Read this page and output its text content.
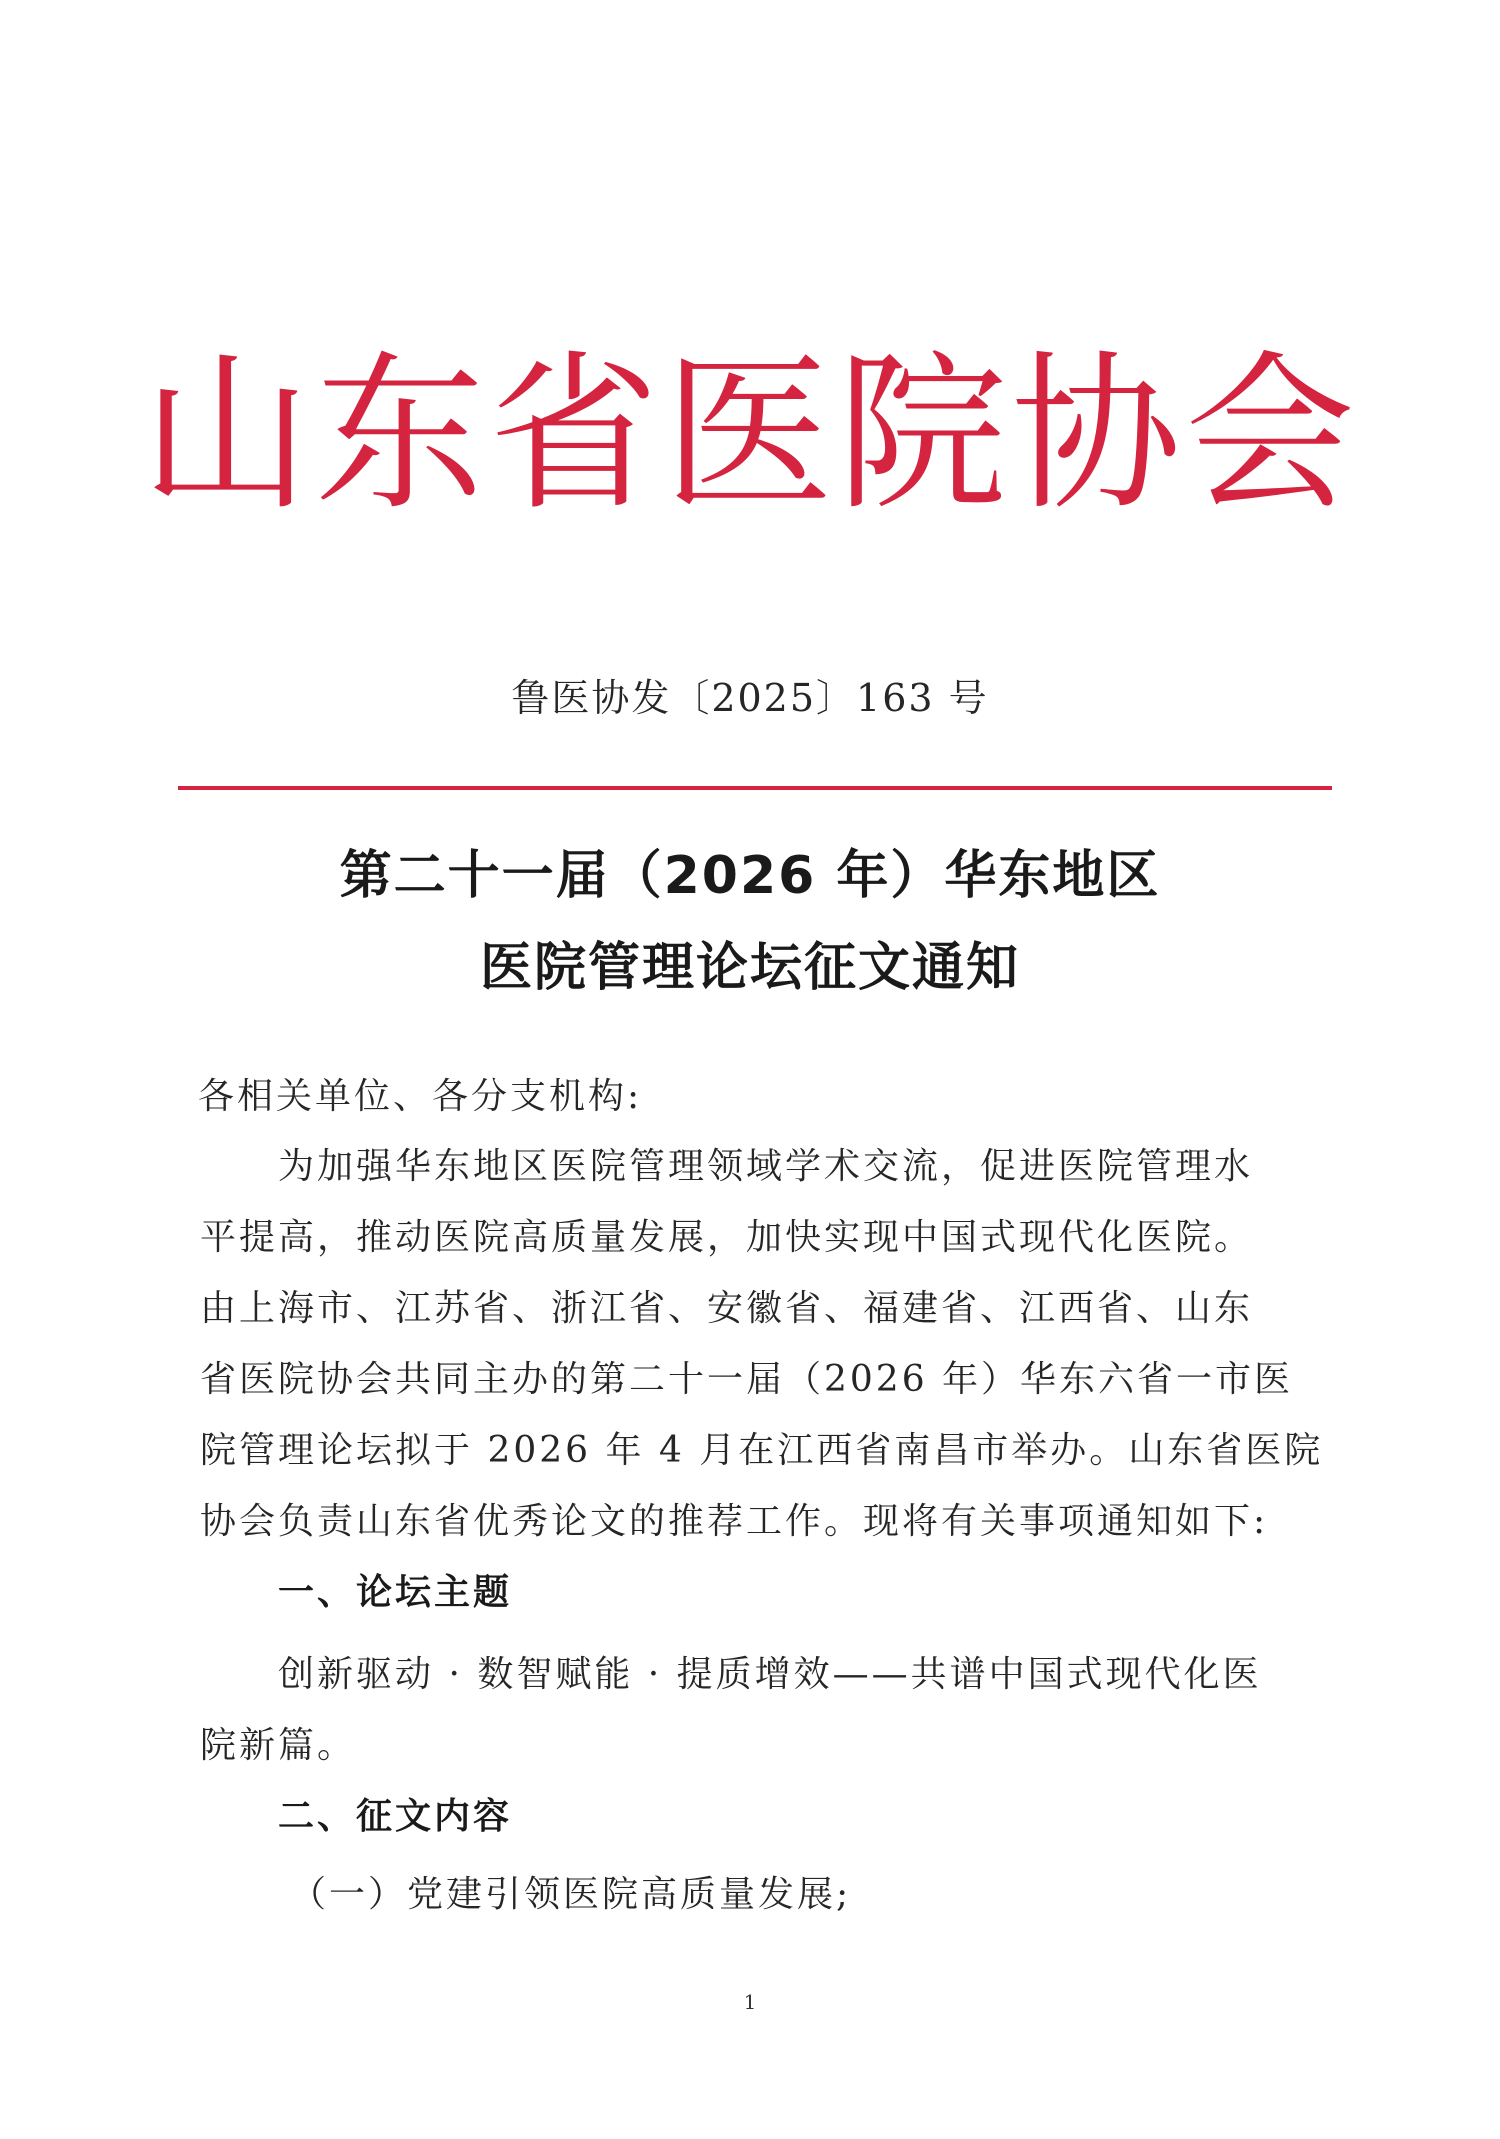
山东省医院协会
鲁医协发〔2025〕163 号
第二十一届（2026 年）华东地区
医院管理论坛征文通知
各相关单位、各分支机构:
为加强华东地区医院管理领域学术交流，促进医院管理水
平提高，推动医院高质量发展，加快实现中国式现代化医院。
由上海市、江苏省、浙江省、安徽省、福建省、江西省、山东
省医院协会共同主办的第二十一届（2026 年）华东六省一市医
院管理论坛拟于 2026 年 4 月在江西省南昌市举办。山东省医院
协会负责山东省优秀论文的推荐工作。现将有关事项通知如下:
一、论坛主题
创新驱动 · 数智赋能 · 提质增效——共谱中国式现代化医
院新篇。
二、征文内容
（一）党建引领医院高质量发展;
1
